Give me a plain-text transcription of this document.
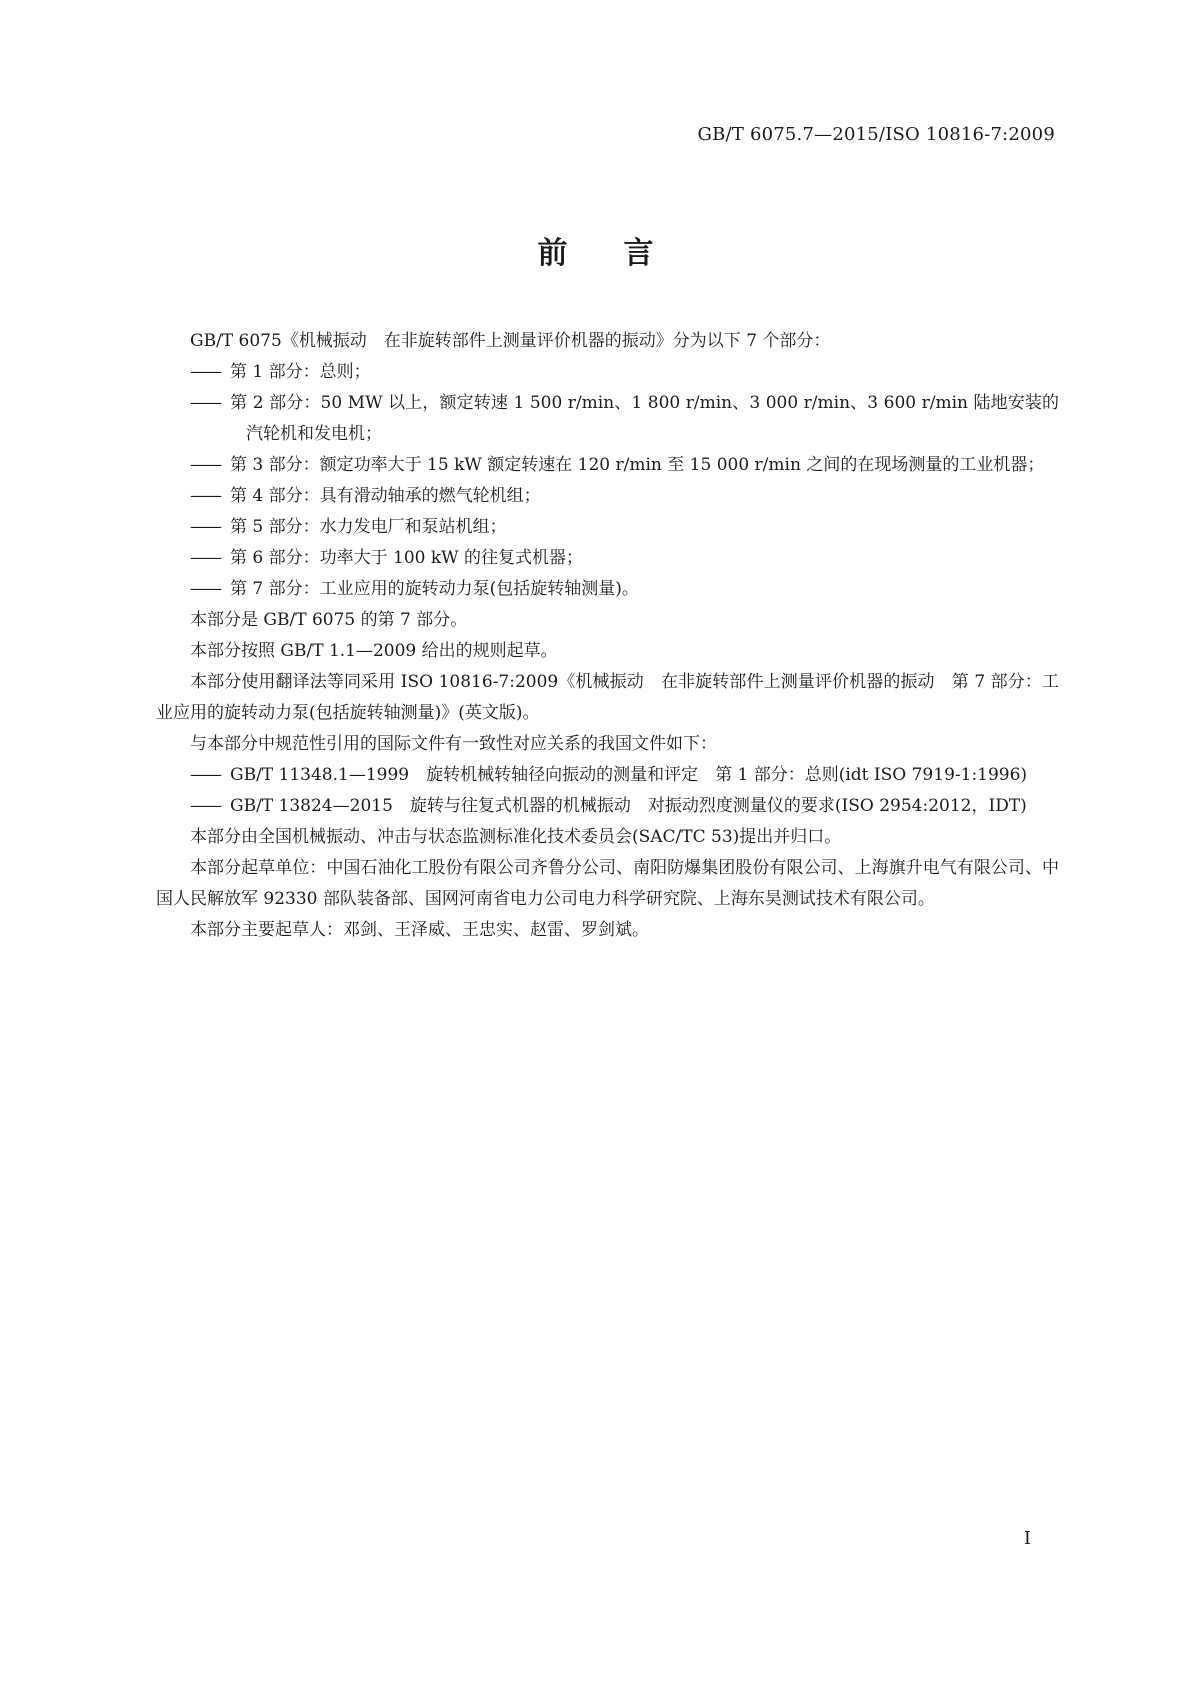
GB/T 6075.7—2015/ISO 10816-7:2009
前言

GB/T 6075《机械振动　在非旋转部件上测量评价机器的振动》分为以下 7 个部分：

—— 第 1 部分：总则；

—— 第 2 部分：50 MW 以上，额定转速 1 500 r/min、1 800 r/min、3 000 r/min、3 600 r/min 陆地安装的汽轮机和发电机；

—— 第 3 部分：额定功率大于 15 kW 额定转速在 120 r/min 至 15 000 r/min 之间的在现场测量的工业机器；

—— 第 4 部分：具有滑动轴承的燃气轮机组；

—— 第 5 部分：水力发电厂和泵站机组；

—— 第 6 部分：功率大于 100 kW 的往复式机器；

—— 第 7 部分：工业应用的旋转动力泵(包括旋转轴测量)。

本部分是 GB/T 6075 的第 7 部分。

本部分按照 GB/T 1.1—2009 给出的规则起草。

本部分使用翻译法等同采用 ISO 10816-7:2009《机械振动　在非旋转部件上测量评价机器的振动　第 7 部分：工业应用的旋转动力泵(包括旋转轴测量)》(英文版)。

与本部分中规范性引用的国际文件有一致性对应关系的我国文件如下：

—— GB/T 11348.1—1999　旋转机械转轴径向振动的测量和评定　第 1 部分：总则(idt ISO 7919-1:1996)

—— GB/T 13824—2015　旋转与往复式机器的机械振动　对振动烈度测量仪的要求(ISO 2954:2012，IDT)

本部分由全国机械振动、冲击与状态监测标准化技术委员会(SAC/TC 53)提出并归口。

本部分起草单位：中国石油化工股份有限公司齐鲁分公司、南阳防爆集团股份有限公司、上海旗升电气有限公司、中国人民解放军 92330 部队装备部、国网河南省电力公司电力科学研究院、上海东昊测试技术有限公司。

本部分主要起草人：邓剑、王泽威、王忠实、赵雷、罗剑斌。

I
